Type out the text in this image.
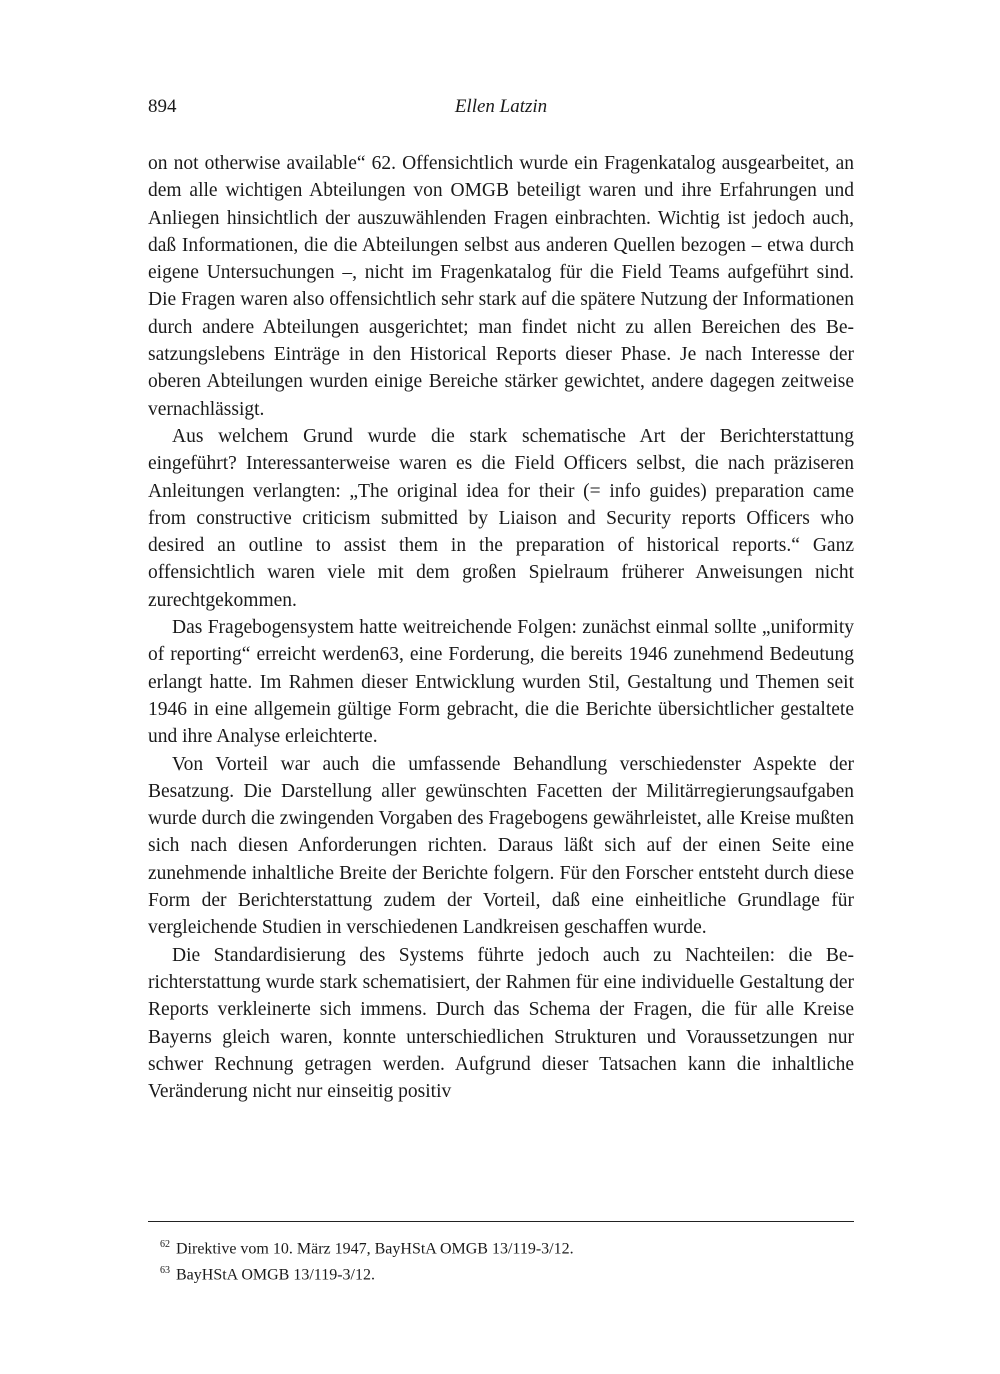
894	Ellen Latzin

on not otherwise available“ 62. Offensichtlich wurde ein Fragenkatalog ausgearbeitet, an dem alle wichtigen Abteilungen von OMGB beteiligt waren und ihre Erfahrungen und Anliegen hinsichtlich der auszuwählenden Fragen einbrachten. Wichtig ist jedoch auch, daß Informationen, die die Abteilungen selbst aus anderen Quellen bezogen – etwa durch eigene Untersuchungen –, nicht im Fragenkatalog für die Field Teams aufgeführt sind. Die Fragen waren also offensichtlich sehr stark auf die spätere Nutzung der Informationen durch andere Abteilungen ausgerichtet; man findet nicht zu allen Bereichen des Besatzungslebens Einträge in den Historical Reports dieser Phase. Je nach Interesse der oberen Abteilungen wurden einige Bereiche stärker gewichtet, andere dagegen zeitweise vernachlässigt.

Aus welchem Grund wurde die stark schematische Art der Berichterstattung eingeführt? Interessanterweise waren es die Field Officers selbst, die nach präziseren Anleitungen verlangten: „The original idea for their (= info guides) preparation came from constructive criticism submitted by Liaison and Security reports Officers who desired an outline to assist them in the preparation of historical reports.“ Ganz offensichtlich waren viele mit dem großen Spielraum früherer Anweisungen nicht zurechtgekommen.

Das Fragebogensystem hatte weitreichende Folgen: zunächst einmal sollte „uniformity of reporting“ erreicht werden63, eine Forderung, die bereits 1946 zunehmend Bedeutung erlangt hatte. Im Rahmen dieser Entwicklung wurden Stil, Gestaltung und Themen seit 1946 in eine allgemein gültige Form gebracht, die die Berichte übersichtlicher gestaltete und ihre Analyse erleichterte.

Von Vorteil war auch die umfassende Behandlung verschiedenster Aspekte der Besatzung. Die Darstellung aller gewünschten Facetten der Militärregierungsaufgaben wurde durch die zwingenden Vorgaben des Fragebogens gewährleistet, alle Kreise mußten sich nach diesen Anforderungen richten. Daraus läßt sich auf der einen Seite eine zunehmende inhaltliche Breite der Berichte folgern. Für den Forscher entsteht durch diese Form der Berichterstattung zudem der Vorteil, daß eine einheitliche Grundlage für vergleichende Studien in verschiedenen Landkreisen geschaffen wurde.

Die Standardisierung des Systems führte jedoch auch zu Nachteilen: die Berichterstattung wurde stark schematisiert, der Rahmen für eine individuelle Gestaltung der Reports verkleinerte sich immens. Durch das Schema der Fragen, die für alle Kreise Bayerns gleich waren, konnte unterschiedlichen Strukturen und Voraussetzungen nur schwer Rechnung getragen werden. Aufgrund dieser Tatsachen kann die inhaltliche Veränderung nicht nur einseitig positiv

$^{62}$ Direktive vom 10. März 1947, BayHStA OMGB 13/119-3/12.

$^{63}$ BayHStA OMGB 13/119-3/12.
